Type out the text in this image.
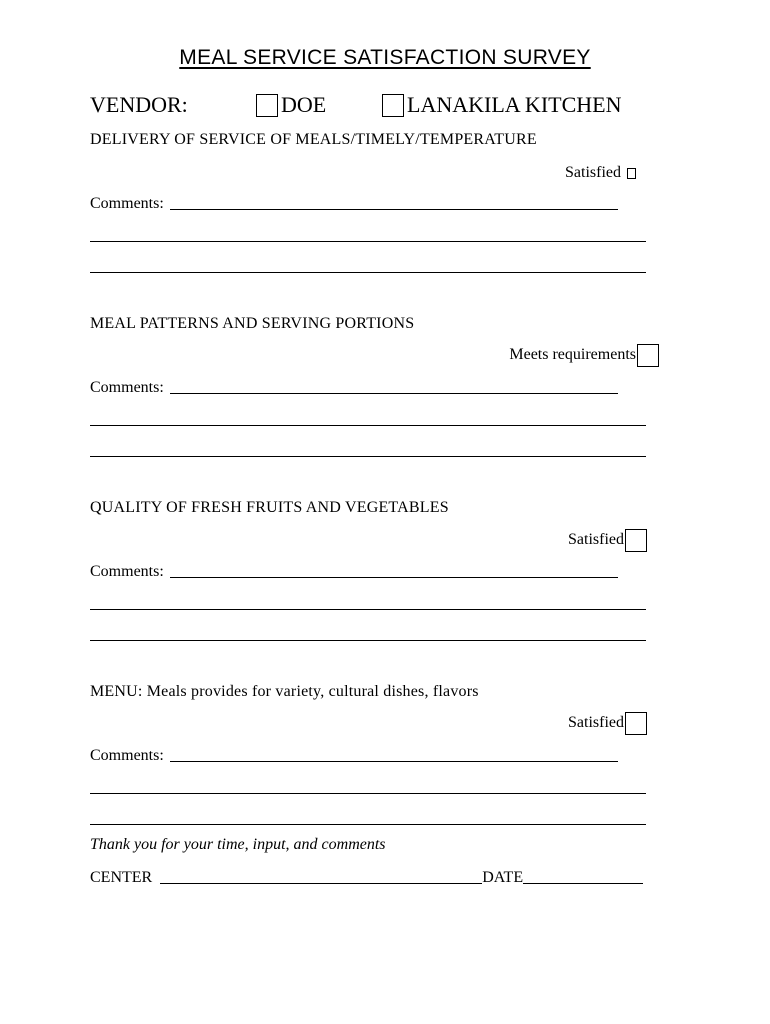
MEAL SERVICE SATISFACTION SURVEY
VENDOR:	DOE	LANAKILA KITCHEN
DELIVERY OF SERVICE OF MEALS/TIMELY/TEMPERATURE
Satisfied
Comments:
MEAL PATTERNS AND SERVING PORTIONS
Meets requirements
Comments:
QUALITY OF FRESH FRUITS AND VEGETABLES
Satisfied
Comments:
MENU: Meals provides for variety, cultural dishes, flavors
Satisfied
Comments:
Thank you for your time, input, and comments
CENTER	DATE
